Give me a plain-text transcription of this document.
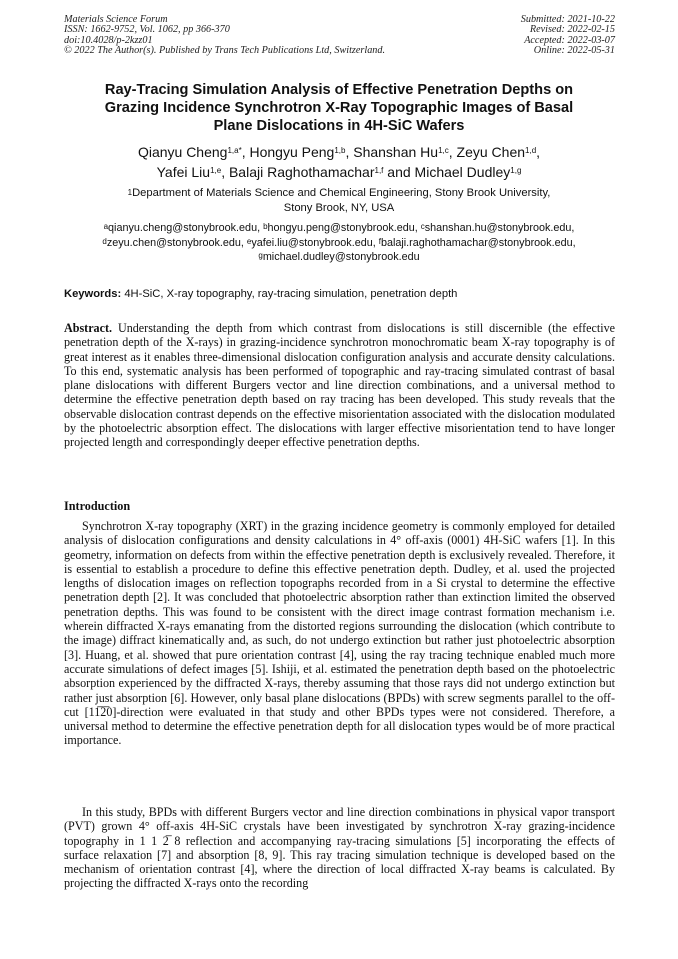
Materials Science Forum
ISSN: 1662-9752, Vol. 1062, pp 366-370
doi:10.4028/p-2kzz01
© 2022 The Author(s). Published by Trans Tech Publications Ltd, Switzerland.
Submitted: 2021-10-22
Revised: 2022-02-15
Accepted: 2022-03-07
Online: 2022-05-31
Ray-Tracing Simulation Analysis of Effective Penetration Depths on
Grazing Incidence Synchrotron X-Ray Topographic Images of Basal
Plane Dislocations in 4H-SiC Wafers
Qianyu Cheng$^{1,a*}$, Hongyu Peng$^{1,b}$, Shanshan Hu$^{1,c}$, Zeyu Chen$^{1,d}$,
Yafei Liu$^{1,e}$, Balaji Raghothamachar$^{1,f}$ and Michael Dudley$^{1,g}$
$^1$Department of Materials Science and Chemical Engineering, Stony Brook University,
Stony Brook, NY, USA
$^a$qianyu.cheng@stonybrook.edu, $^b$hongyu.peng@stonybrook.edu, $^c$shanshan.hu@stonybrook.edu,
$^d$zeyu.chen@stonybrook.edu, $^e$yafei.liu@stonybrook.edu, $^f$balaji.raghothamachar@stonybrook.edu,
$^g$michael.dudley@stonybrook.edu
Keywords: 4H-SiC, X-ray topography, ray-tracing simulation, penetration depth
Abstract. Understanding the depth from which contrast from dislocations is still discernible (the effective penetration depth of the X-rays) in grazing-incidence synchrotron monochromatic beam X-ray topography is of great interest as it enables three-dimensional dislocation configuration analysis and accurate density calculations. To this end, systematic analysis has been performed of topographic and ray-tracing simulated contrast of basal plane dislocations with different Burgers vector and line direction combinations, and a universal method to determine the effective penetration depth based on ray tracing has been developed. This study reveals that the observable dislocation contrast depends on the effective misorientation associated with the dislocation modulated by the photoelectric absorption effect. The dislocations with larger effective misorientation tend to have longer projected length and correspondingly deeper effective penetration depths.
Introduction
Synchrotron X-ray topography (XRT) in the grazing incidence geometry is commonly employed for detailed analysis of dislocation configurations and density calculations in 4° off-axis (0001) 4H-SiC wafers [1]. In this geometry, information on defects from within the effective penetration depth is exclusively revealed. Therefore, it is essential to establish a procedure to define this effective penetration depth. Dudley, et al. used the projected lengths of dislocation images on reflection topographs recorded from in a Si crystal to determine the effective penetration depth [2]. It was concluded that photoelectric absorption rather than extinction limited the observed penetration depths. This was found to be consistent with the direct image contrast formation mechanism i.e. wherein diffracted X-rays emanating from the distorted regions surrounding the dislocation (which contribute to the image) diffract kinematically and, as such, do not undergo extinction but rather just photoelectric absorption [3]. Huang, et al. showed that pure orientation contrast [4], using the ray tracing technique enabled much more accurate simulations of defect images [5]. Ishiji, et al. estimated the penetration depth based on the photoelectric absorption experienced by the diffracted X-rays, thereby assuming that those rays did not undergo extinction but rather just absorption [6]. However, only basal plane dislocations (BPDs) with screw segments parallel to the off-cut [11̅2̅0]-direction were evaluated in that study and other BPDs types were not considered. Therefore, a universal method to determine the effective penetration depth for all dislocation types would be of more practical importance.
In this study, BPDs with different Burgers vector and line direction combinations in physical vapor transport (PVT) grown 4° off-axis 4H-SiC crystals have been investigated by synchrotron X-ray grazing-incidence topography in 1 1 2̅ 8 reflection and accompanying ray-tracing simulations [5] incorporating the effects of surface relaxation [7] and absorption [8, 9]. This ray tracing simulation technique is developed based on the mechanism of orientation contrast [4], where the direction of local diffracted X-ray beams is calculated. By projecting the diffracted X-rays onto the recording
